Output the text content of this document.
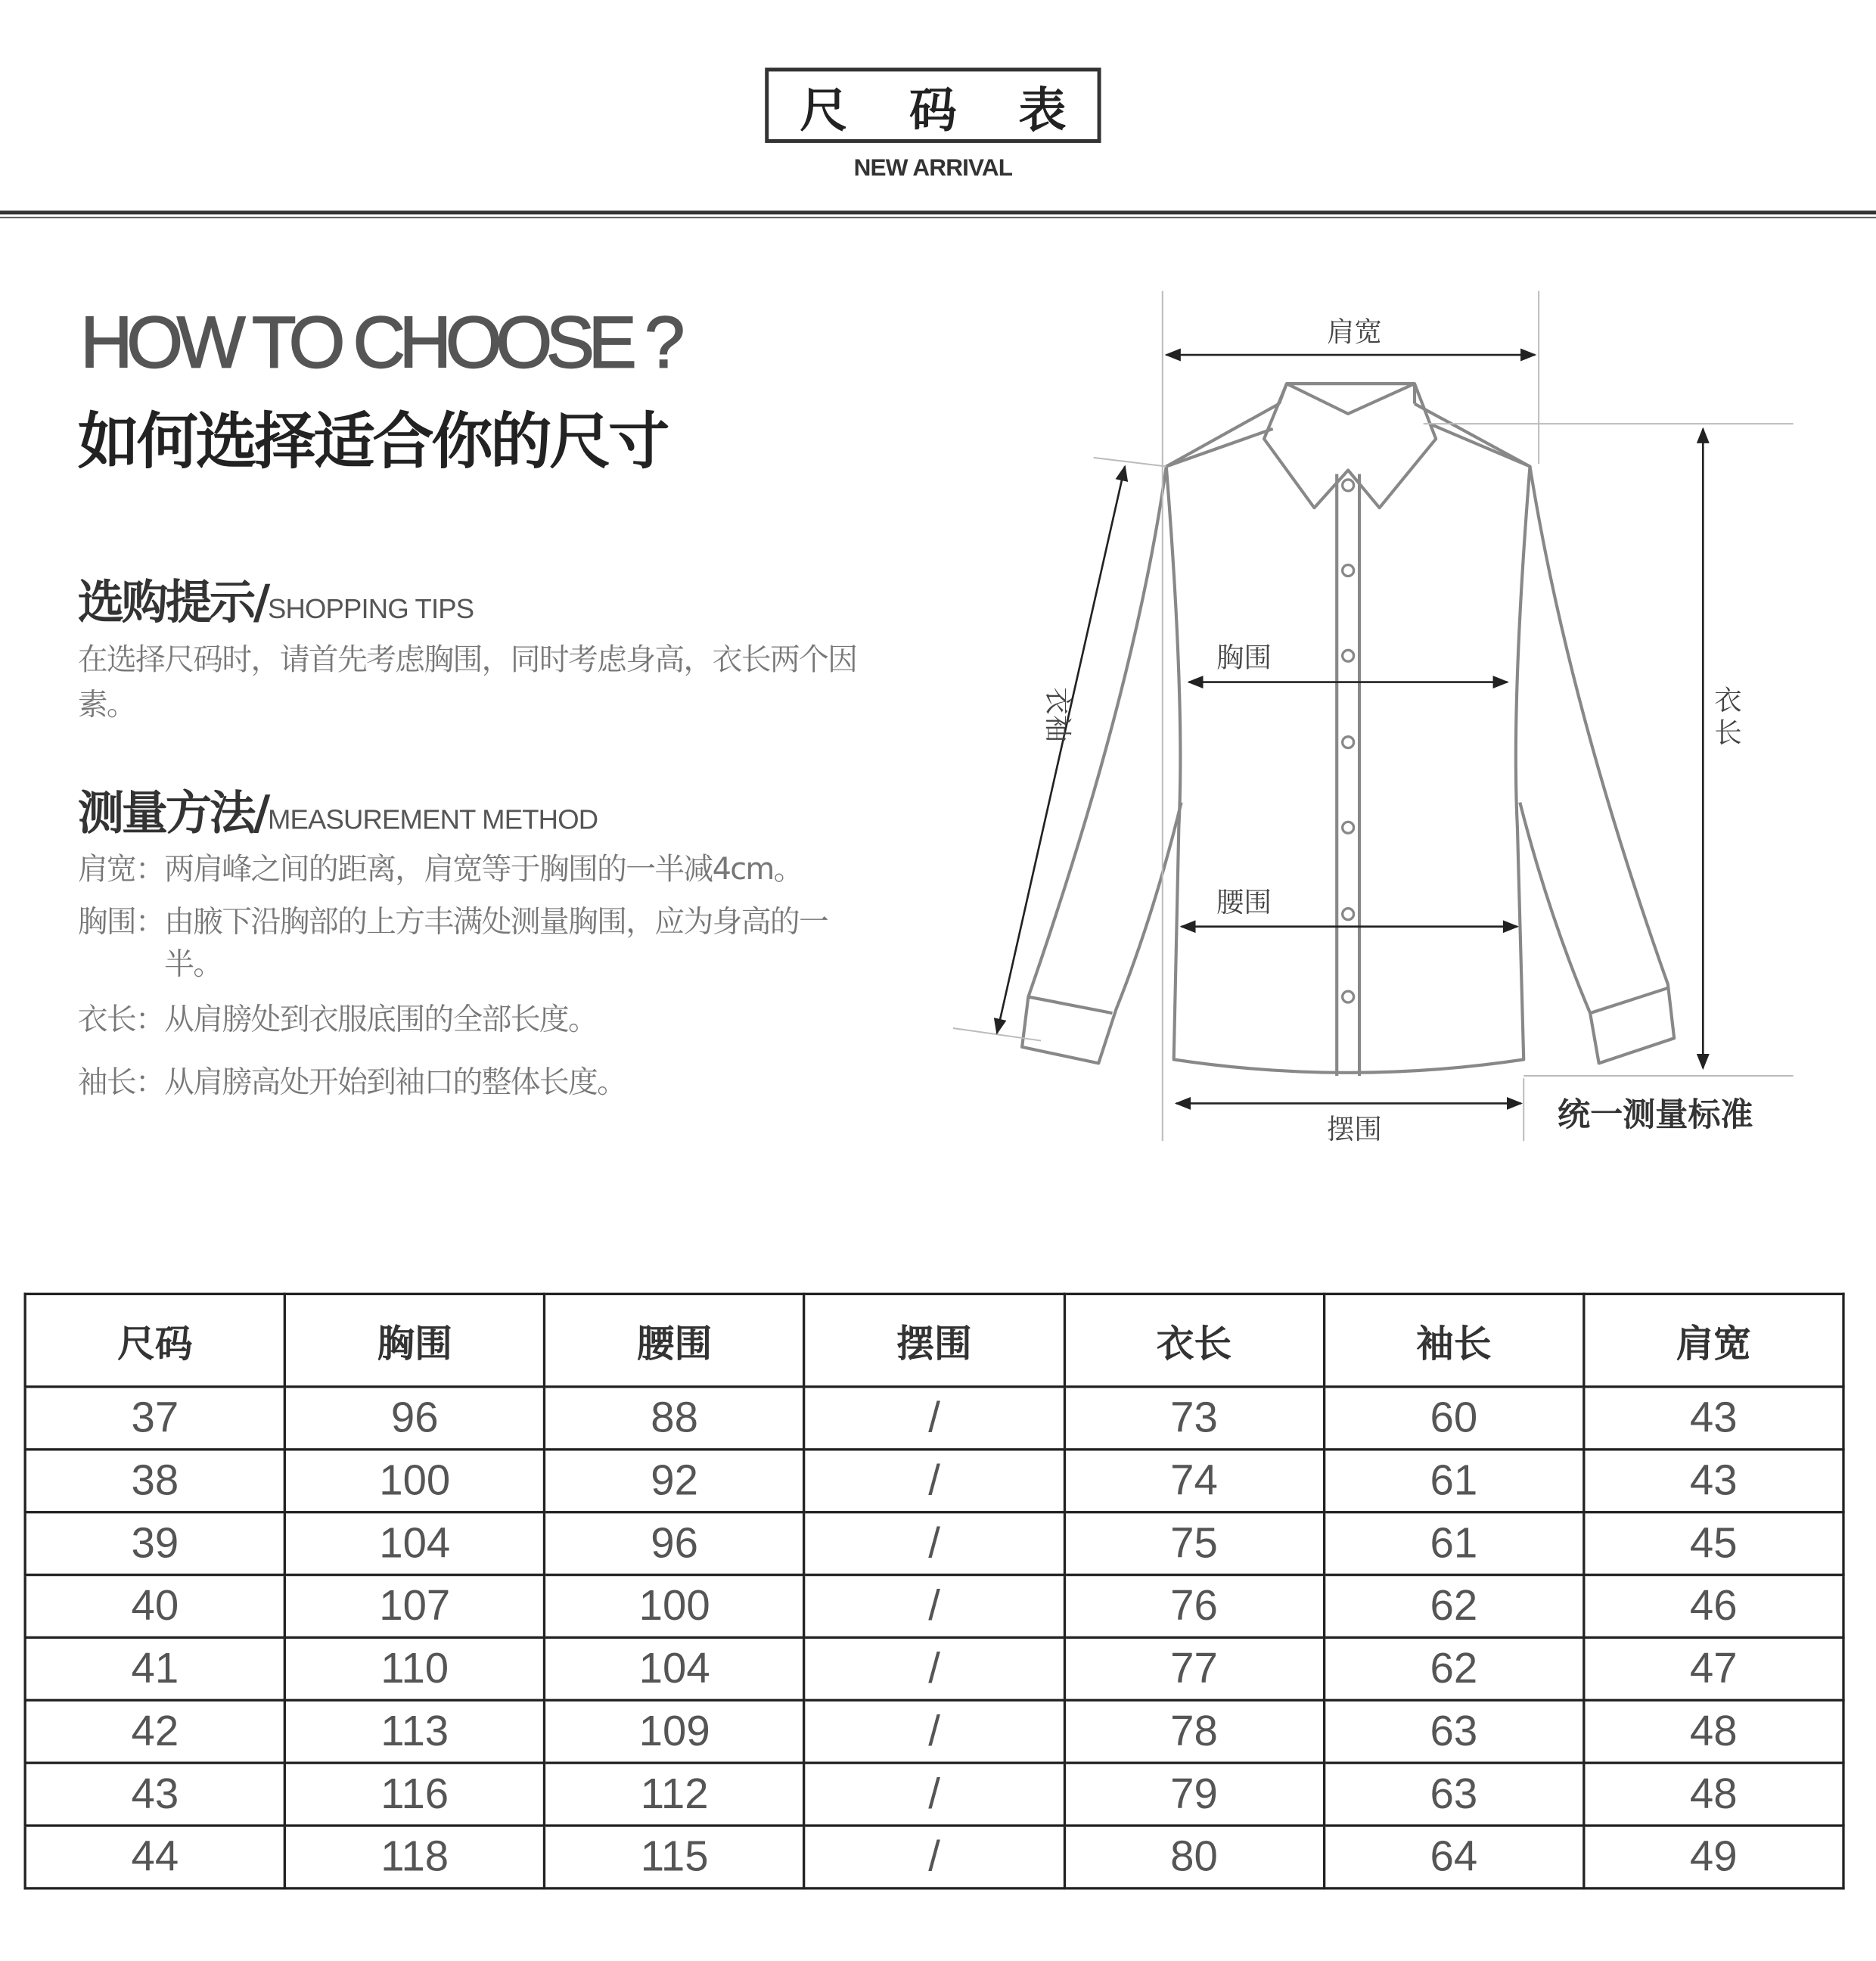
尺 码 表
NEW ARRIVAL
HOW TO CHOOSE ?
如何选择适合你的尺寸
选购提示/SHOPPING TIPS
在选择尺码时，请首先考虑胸围，同时考虑身高，衣长两个因素。
测量方法/MEASUREMENT METHOD
肩宽： 两肩峰之间的距离，肩宽等于胸围的一半减4cm。
胸围： 由腋下沿胸部的上方丰满处测量胸围，应为身高的一半。
衣长： 从肩膀处到衣服底围的全部长度。
袖长： 从肩膀高处开始到袖口的整体长度。
肩宽
胸围
腰围
摆围
衣袖	衣
长
统一测量标准
尺码	胸围	腰围	摆围	衣长	袖长	肩宽
37	96	88	/	73	60	43
38	100	92	/	74	61	43
39	104	96	/	75	61	45
40	107	100	/	76	62	46
41	110	104	/	77	62	47
42	113	109	/	78	63	48
43	116	112	/	79	63	48
44	118	115	/	80	64	49
